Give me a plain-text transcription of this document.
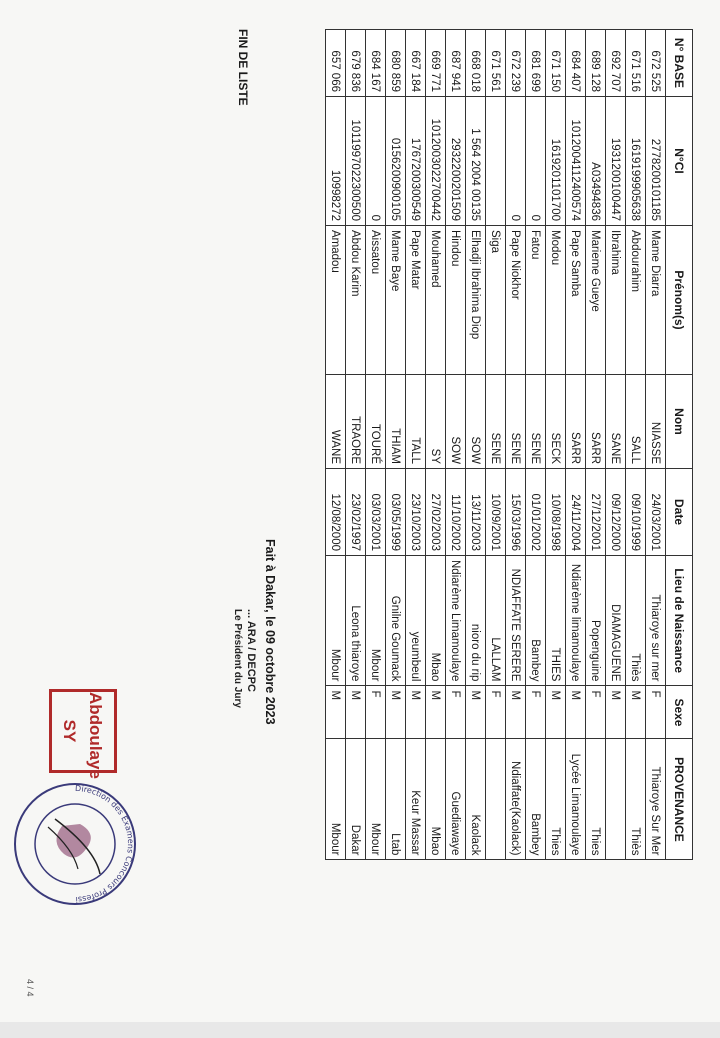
N° BASE	N°CI	Prénom(s)	Nom	Date	Lieu de Naissance	Sexe	PROVENANCE
672 525	2778200101185	Mame Diarra	NIASSE	24/03/2001	Thiaroye sur mer	F	Thiaroye Sur Mer
671 516	1619199905638	Abdourahim	SALL	09/10/1999	Thiès	M	Thiès
692 707	1931200100447	Ibrahima	SANE	09/12/2000	DIAMAGUENE	M	
689 128	A03494836	Marieme Gueye	SARR	27/12/2001	Popenguine	F	Thies
684 407	1012004112400574	Pape Samba	SARR	24/11/2004	Ndiarème limamoulaye	M	Lycée Limamoulaye
671 150	1619201101700	Modou	SECK	10/08/1998	THIES	M	Thies
681 699	0	Fatou	SENE	01/01/2002	Bambey	F	Bambey
672 239	0	Pape Niokhor	SENE	15/03/1996	NDIAFFATE SERERE	M	Ndiaffate(Kaolack)
671 561		Siga	SENE	10/09/2001	LALLAM	F	
668 018	1 564 2004 00135	Elhadji Ibrahima Diop	SOW	13/11/2003	nioro du rip	M	Kaolack
687 941	2932200201509	Hindou	SOW	11/10/2002	Ndiarème Limamoulaye	F	Guediawaye
669 771	1012003022700442	Mouhamed	SY	27/02/2003	Mbao	M	Mbao
667 184	1767200300549	Pape Matar	TALL	23/10/2003	yeumbeul	M	Keur Massar
680 859	0156200900105	Mame Baye	THIAM	03/05/1999	Gnilne Goumack	M	Ltab
684 167	0	Aissatou	TOURÉ	03/03/2001	Mbour	F	Mbour
679 836	1011997022300500	Abdou Karim	TRAORE	23/02/1997	Leona thiaroye	M	Dakar
657 066	10998272	Amadou	WANE	12/08/2000	Mbour	M	Mbour
FIN DE LISTE
Fait à Dakar, le 09 octobre 2023
... ARA / DECPC
Le Président du Jury
Abdoulaye
SY
Direction des Examens Concours Professi Certifications
4 / 4
